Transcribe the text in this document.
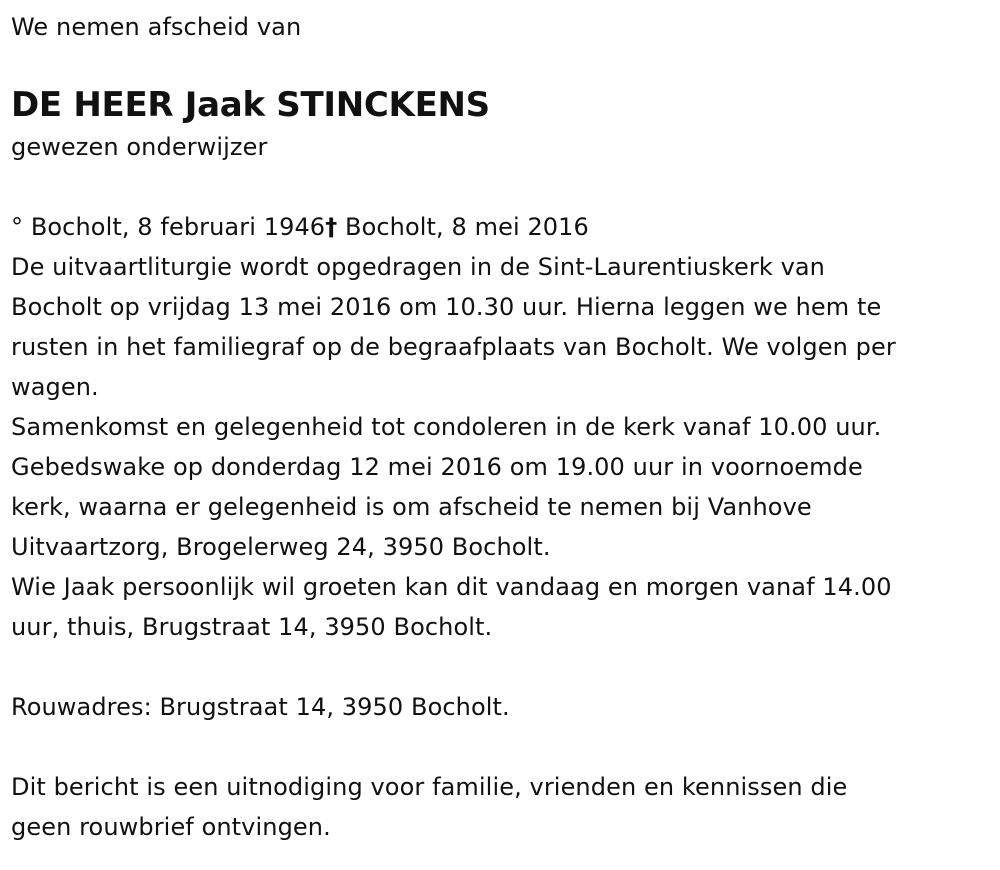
We nemen afscheid van
DE HEER Jaak STINCKENS
gewezen onderwijzer
° Bocholt, 8 februari 1946† Bocholt, 8 mei 2016
De uitvaartliturgie wordt opgedragen in de Sint-Laurentiuskerk van
Bocholt op vrijdag 13 mei 2016 om 10.30 uur. Hierna leggen we hem te
rusten in het familiegraf op de begraafplaats van Bocholt. We volgen per
wagen.
Samenkomst en gelegenheid tot condoleren in de kerk vanaf 10.00 uur.
Gebedswake op donderdag 12 mei 2016 om 19.00 uur in voornoemde
kerk, waarna er gelegenheid is om afscheid te nemen bij Vanhove
Uitvaartzorg, Brogelerweg 24, 3950 Bocholt.
Wie Jaak persoonlijk wil groeten kan dit vandaag en morgen vanaf 14.00
uur, thuis, Brugstraat 14, 3950 Bocholt.
Rouwadres: Brugstraat 14, 3950 Bocholt.
Dit bericht is een uitnodiging voor familie, vrienden en kennissen die
geen rouwbrief ontvingen.
